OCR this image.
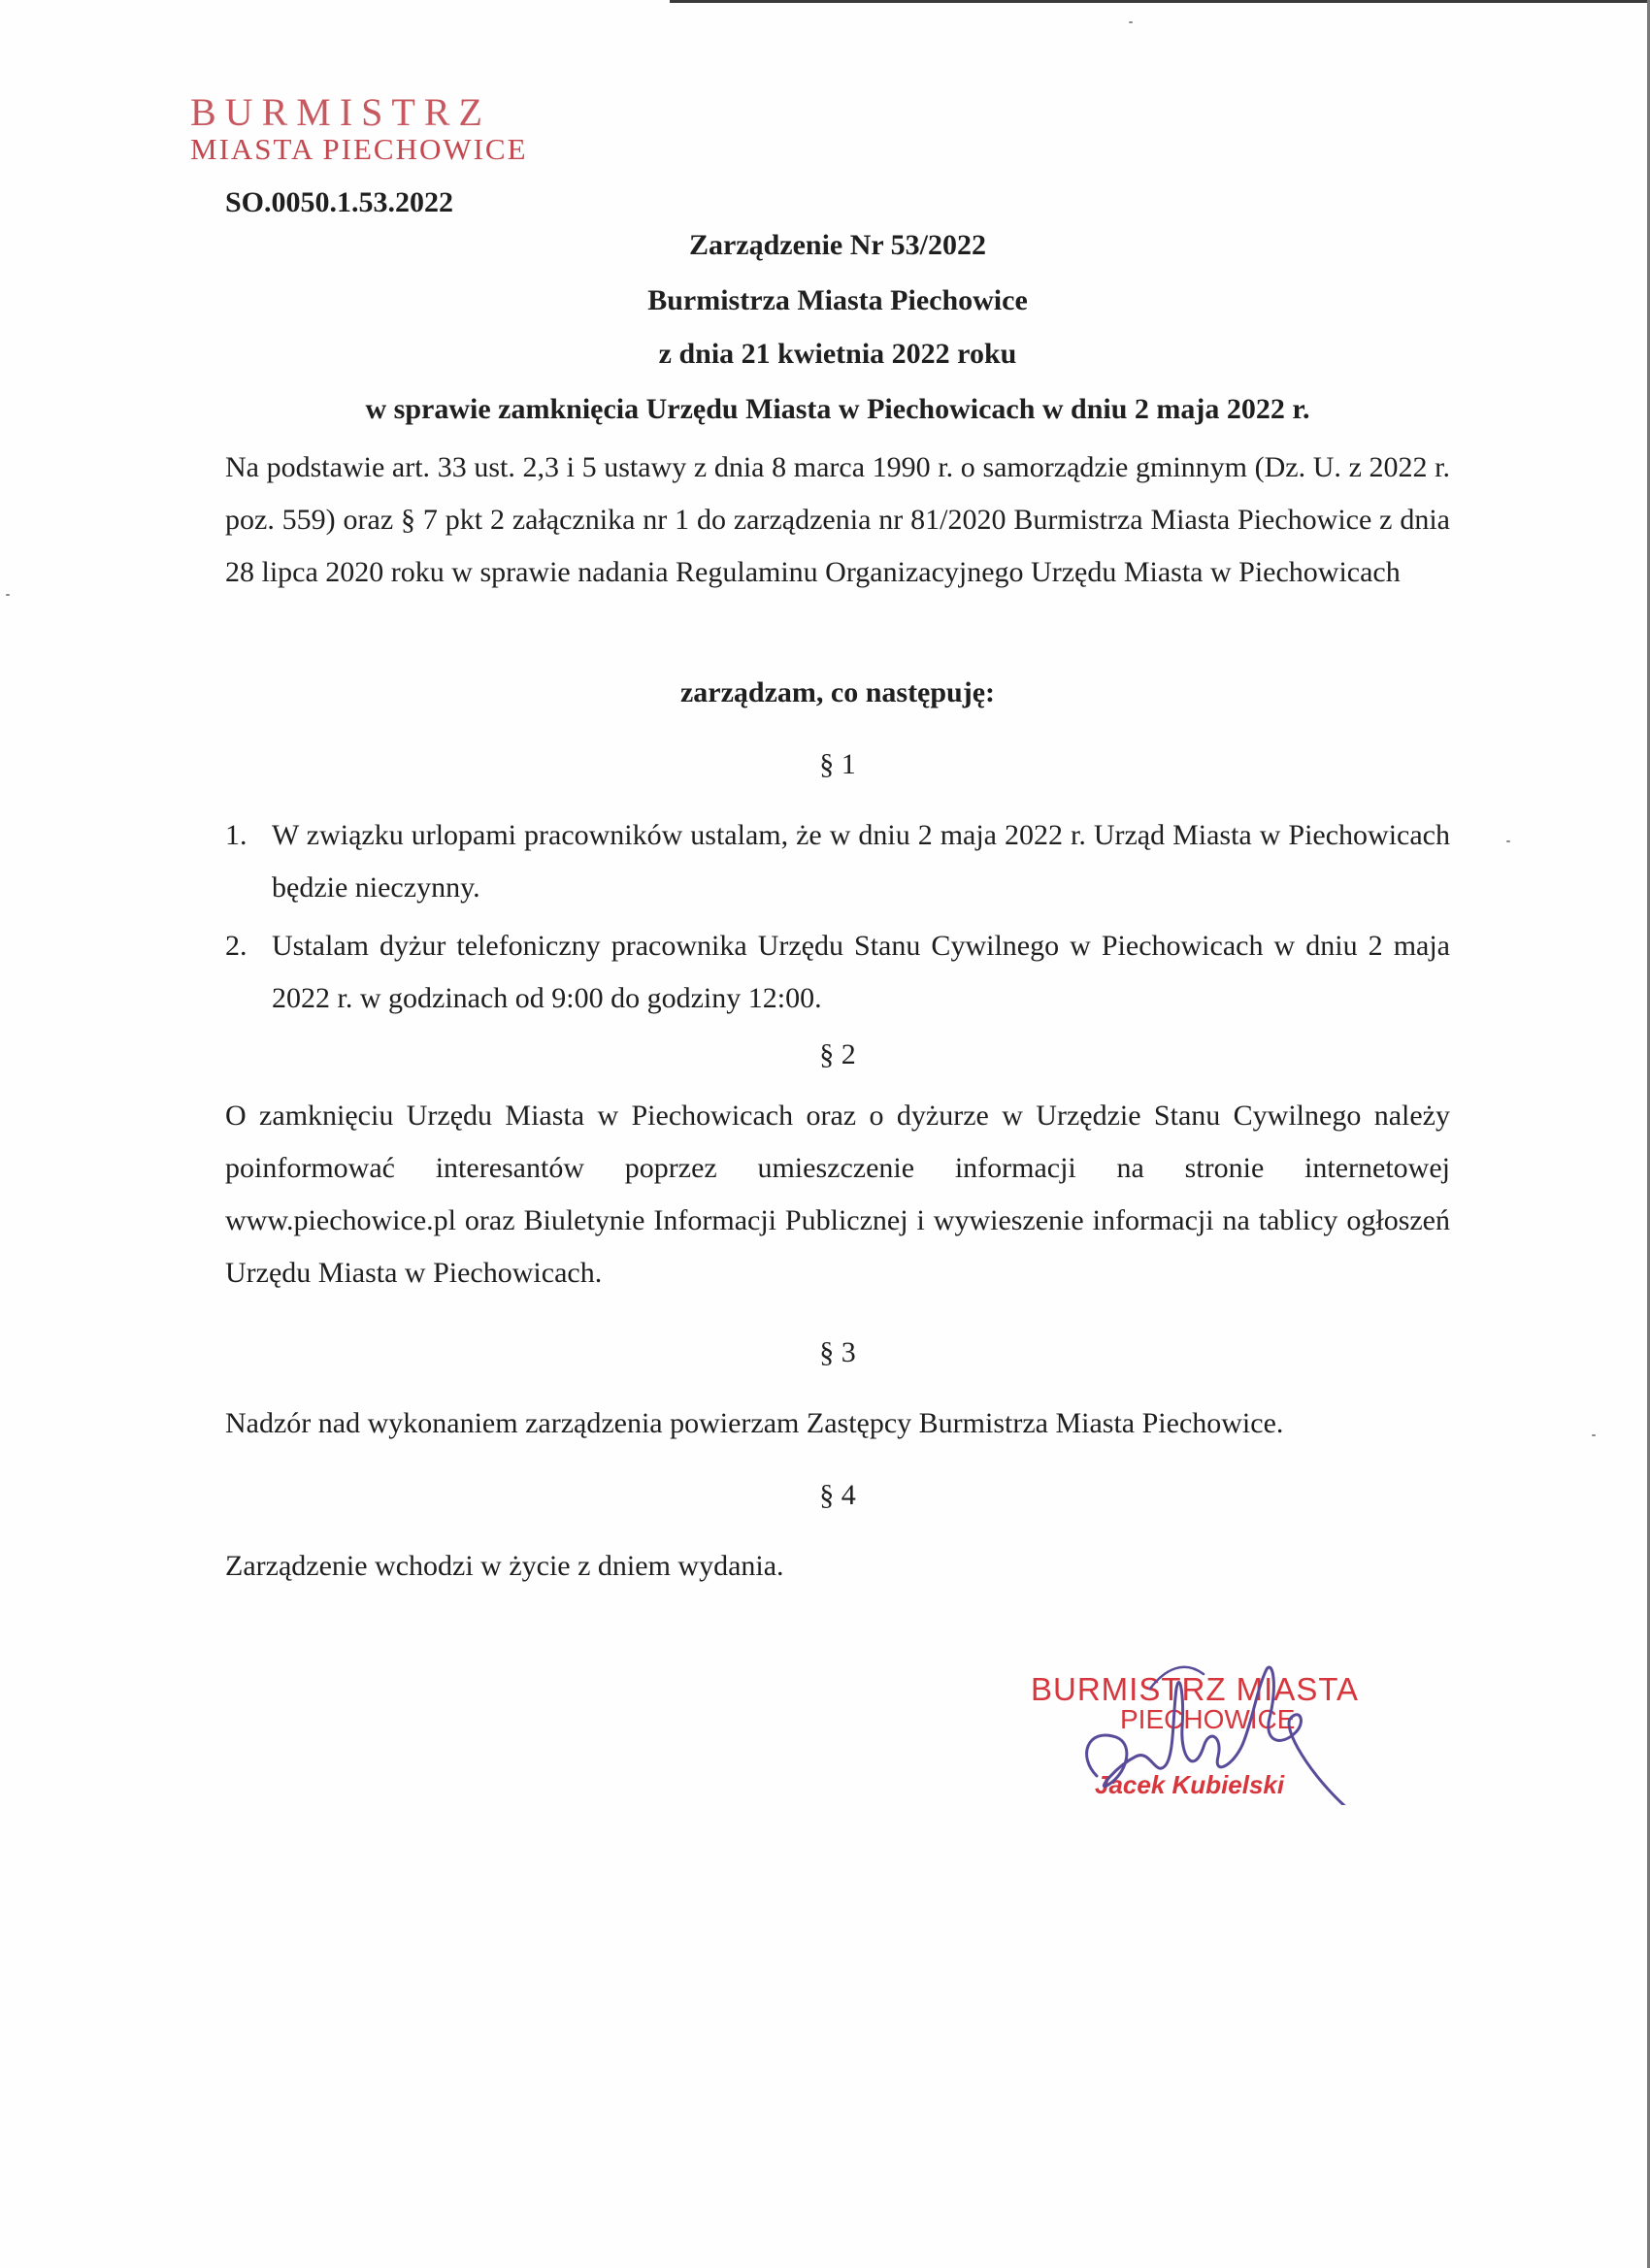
BURMISTRZ
MIASTA PIECHOWICE
SO.0050.1.53.2022
Zarządzenie Nr 53/2022
Burmistrza Miasta Piechowice
z dnia 21 kwietnia 2022 roku
w sprawie zamknięcia Urzędu Miasta w Piechowicach w dniu 2 maja 2022 r.
Na podstawie art. 33 ust. 2,3 i 5 ustawy z dnia 8 marca 1990 r. o samorządzie gminnym (Dz. U. z 2022 r. poz. 559) oraz § 7 pkt 2 załącznika nr 1 do zarządzenia nr 81/2020 Burmistrza Miasta Piechowice z dnia 28 lipca 2020 roku w sprawie nadania Regulaminu Organizacyjnego Urzędu Miasta w Piechowicach
zarządzam, co następuję:
§ 1
1. W związku urlopami pracowników ustalam, że w dniu 2 maja 2022 r. Urząd Miasta w Piechowicach będzie nieczynny.
2. Ustalam dyżur telefoniczny pracownika Urzędu Stanu Cywilnego w Piechowicach w dniu 2 maja 2022 r. w godzinach od 9:00 do godziny 12:00.
§ 2
O zamknięciu Urzędu Miasta w Piechowicach oraz o dyżurze w Urzędzie Stanu Cywilnego należy poinformować interesantów poprzez umieszczenie informacji na stronie internetowej www.piechowice.pl oraz Biuletynie Informacji Publicznej i wywieszenie informacji na tablicy ogłoszeń Urzędu Miasta w Piechowicach.
§ 3
Nadzór nad wykonaniem zarządzenia powierzam Zastępcy Burmistrza Miasta Piechowice.
§ 4
Zarządzenie wchodzi w życie z dniem wydania.
BURMISTRZ MIASTA
PIECHOWICE
Jacek Kubielski
